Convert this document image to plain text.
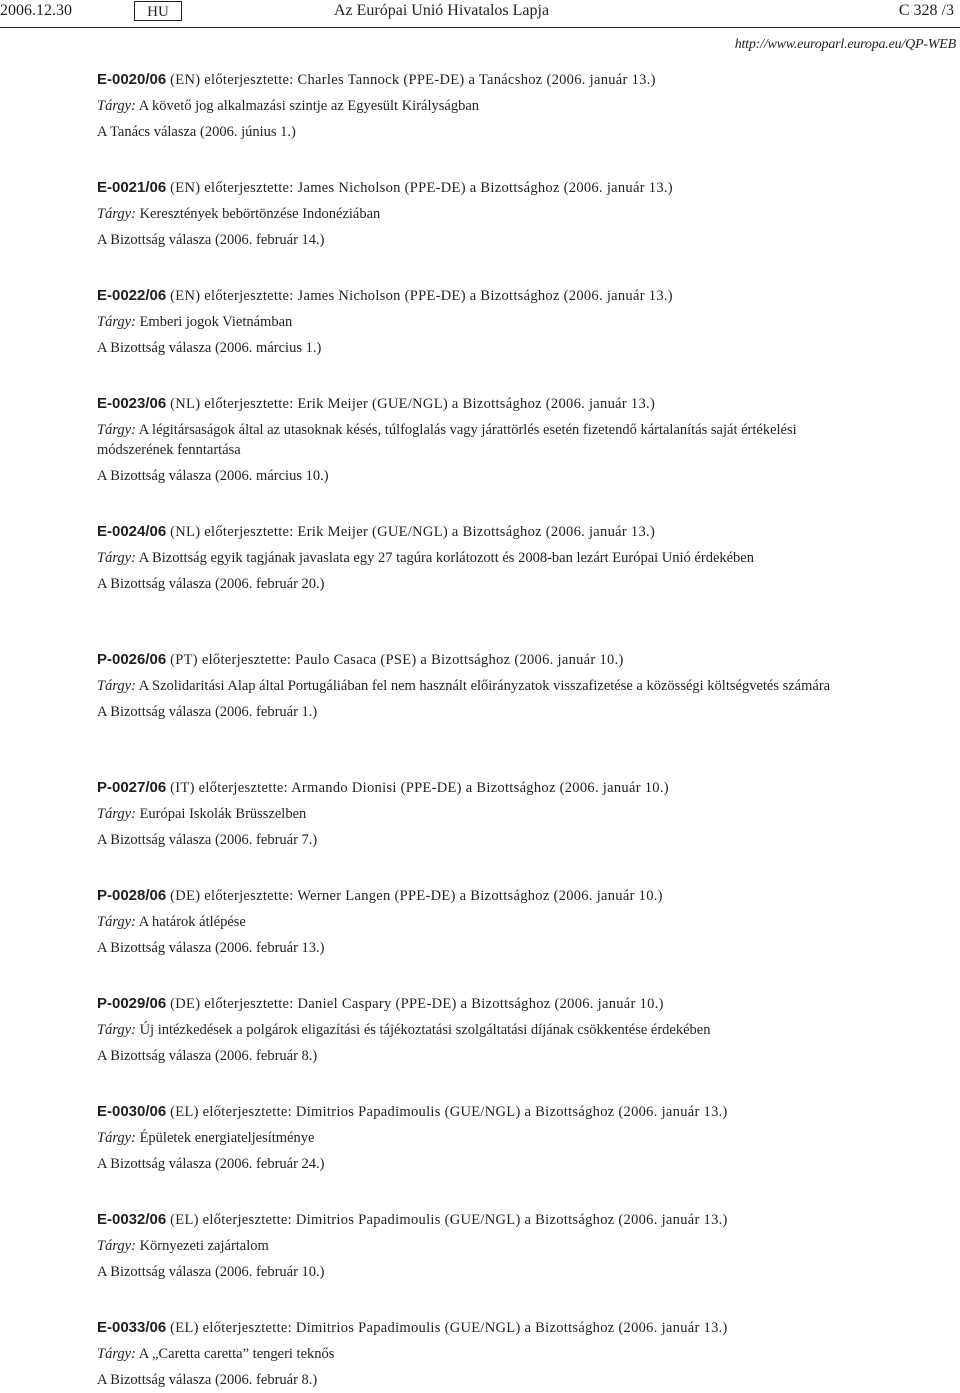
2006.12.30	HU	Az Európai Unió Hivatalos Lapja	C 328 /3
http://www.europarl.europa.eu/QP-WEB

E-0020/06 (EN) előterjesztette: Charles Tannock (PPE-DE) a Tanácshoz (2006. január 13.)

Tárgy: A követő jog alkalmazási szintje az Egyesült Királyságban
A Tanács válasza (2006. június 1.)

E-0021/06 (EN) előterjesztette: James Nicholson (PPE-DE) a Bizottsághoz (2006. január 13.)

Tárgy: Keresztények bebörtönzése Indonéziában
A Bizottság válasza (2006. február 14.)

E-0022/06 (EN) előterjesztette: James Nicholson (PPE-DE) a Bizottsághoz (2006. január 13.)

Tárgy: Emberi jogok Vietnámban
A Bizottság válasza (2006. március 1.)

E-0023/06 (NL) előterjesztette: Erik Meijer (GUE/NGL) a Bizottsághoz (2006. január 13.)

Tárgy: A légitársaságok által az utasoknak késés, túlfoglalás vagy járattörlés esetén fizetendő kártalanítás saját értékelési módszerének fenntartása
A Bizottság válasza (2006. március 10.)

E-0024/06 (NL) előterjesztette: Erik Meijer (GUE/NGL) a Bizottsághoz (2006. január 13.)

Tárgy: A Bizottság egyik tagjának javaslata egy 27 tagúra korlátozott és 2008-ban lezárt Európai Unió érdekében
A Bizottság válasza (2006. február 20.)

P-0026/06 (PT) előterjesztette: Paulo Casaca (PSE) a Bizottsághoz (2006. január 10.)

Tárgy: A Szolidaritási Alap által Portugáliában fel nem használt előirányzatok visszafizetése a közösségi költségvetés számára
A Bizottság válasza (2006. február 1.)

P-0027/06 (IT) előterjesztette: Armando Dionisi (PPE-DE) a Bizottsághoz (2006. január 10.)

Tárgy: Európai Iskolák Brüsszelben
A Bizottság válasza (2006. február 7.)

P-0028/06 (DE) előterjesztette: Werner Langen (PPE-DE) a Bizottsághoz (2006. január 10.)

Tárgy: A határok átlépése
A Bizottság válasza (2006. február 13.)

P-0029/06 (DE) előterjesztette: Daniel Caspary (PPE-DE) a Bizottsághoz (2006. január 10.)

Tárgy: Új intézkedések a polgárok eligazítási és tájékoztatási szolgáltatási díjának csökkentése érdekében
A Bizottság válasza (2006. február 8.)

E-0030/06 (EL) előterjesztette: Dimitrios Papadimoulis (GUE/NGL) a Bizottsághoz (2006. január 13.)

Tárgy: Épületek energiateljesítménye
A Bizottság válasza (2006. február 24.)

E-0032/06 (EL) előterjesztette: Dimitrios Papadimoulis (GUE/NGL) a Bizottsághoz (2006. január 13.)

Tárgy: Környezeti zajártalom
A Bizottság válasza (2006. február 10.)

E-0033/06 (EL) előterjesztette: Dimitrios Papadimoulis (GUE/NGL) a Bizottsághoz (2006. január 13.)

Tárgy: A „Caretta caretta” tengeri teknős
A Bizottság válasza (2006. február 8.)
